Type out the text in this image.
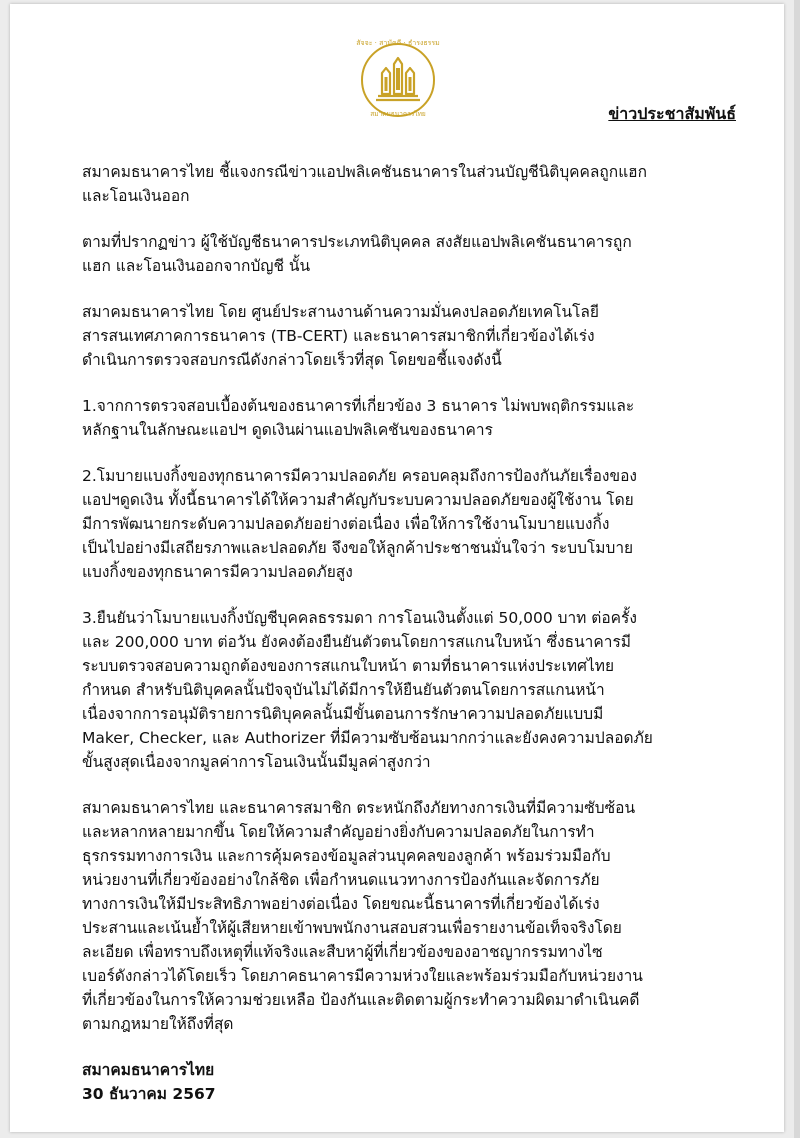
สัจจะ · สามัคคี · ธำรงธรรม
สมาคมธนาคารไทย	ข่าวประชาสัมพันธ์

สมาคมธนาคารไทย ชี้แจงกรณีข่าวแอปพลิเคชันธนาคารในส่วนบัญชีนิติบุคคลถูกแฮก
และโอนเงินออก

ตามที่ปรากฏข่าว ผู้ใช้บัญชีธนาคารประเภทนิติบุคคล สงสัยแอปพลิเคชันธนาคารถูก
แฮก และโอนเงินออกจากบัญชี นั้น

สมาคมธนาคารไทย โดย ศูนย์ประสานงานด้านความมั่นคงปลอดภัยเทคโนโลยี
สารสนเทศภาคการธนาคาร (TB-CERT) และธนาคารสมาชิกที่เกี่ยวข้องได้เร่ง
ดำเนินการตรวจสอบกรณีดังกล่าวโดยเร็วที่สุด โดยขอชี้แจงดังนี้

1.จากการตรวจสอบเบื้องต้นของธนาคารที่เกี่ยวข้อง 3 ธนาคาร ไม่พบพฤติกรรมและ
หลักฐานในลักษณะแอปฯ ดูดเงินผ่านแอปพลิเคชันของธนาคาร

2.โมบายแบงกิ้งของทุกธนาคารมีความปลอดภัย ครอบคลุมถึงการป้องกันภัยเรื่องของ
แอปฯดูดเงิน ทั้งนี้ธนาคารได้ให้ความสำคัญกับระบบความปลอดภัยของผู้ใช้งาน โดย
มีการพัฒนายกระดับความปลอดภัยอย่างต่อเนื่อง เพื่อให้การใช้งานโมบายแบงกิ้ง
เป็นไปอย่างมีเสถียรภาพและปลอดภัย จึงขอให้ลูกค้าประชาชนมั่นใจว่า ระบบโมบาย
แบงกิ้งของทุกธนาคารมีความปลอดภัยสูง

3.ยืนยันว่าโมบายแบงกิ้งบัญชีบุคคลธรรมดา การโอนเงินตั้งแต่ 50,000 บาท ต่อครั้ง
และ 200,000 บาท ต่อวัน ยังคงต้องยืนยันตัวตนโดยการสแกนใบหน้า ซึ่งธนาคารมี
ระบบตรวจสอบความถูกต้องของการสแกนใบหน้า ตามที่ธนาคารแห่งประเทศไทย
กำหนด สำหรับนิติบุคคลนั้นปัจจุบันไม่ได้มีการให้ยืนยันตัวตนโดยการสแกนหน้า
เนื่องจากการอนุมัติรายการนิติบุคคลนั้นมีขั้นตอนการรักษาความปลอดภัยแบบมี
Maker, Checker, และ Authorizer ที่มีความซับซ้อนมากกว่าและยังคงความปลอดภัย
ขั้นสูงสุดเนื่องจากมูลค่าการโอนเงินนั้นมีมูลค่าสูงกว่า

สมาคมธนาคารไทย และธนาคารสมาชิก ตระหนักถึงภัยทางการเงินที่มีความซับซ้อน
และหลากหลายมากขึ้น โดยให้ความสำคัญอย่างยิ่งกับความปลอดภัยในการทำ
ธุรกรรมทางการเงิน และการคุ้มครองข้อมูลส่วนบุคคลของลูกค้า พร้อมร่วมมือกับ
หน่วยงานที่เกี่ยวข้องอย่างใกล้ชิด เพื่อกำหนดแนวทางการป้องกันและจัดการภัย
ทางการเงินให้มีประสิทธิภาพอย่างต่อเนื่อง โดยขณะนี้ธนาคารที่เกี่ยวข้องได้เร่ง
ประสานและเน้นย้ำให้ผู้เสียหายเข้าพบพนักงานสอบสวนเพื่อรายงานข้อเท็จจริงโดย
ละเอียด เพื่อทราบถึงเหตุที่แท้จริงและสืบหาผู้ที่เกี่ยวข้องของอาชญากรรมทางไซ
เบอร์ดังกล่าวได้โดยเร็ว โดยภาคธนาคารมีความห่วงใยและพร้อมร่วมมือกับหน่วยงาน
ที่เกี่ยวข้องในการให้ความช่วยเหลือ ป้องกันและติดตามผู้กระทำความผิดมาดำเนินคดี
ตามกฎหมายให้ถึงที่สุด

สมาคมธนาคารไทย
30 ธันวาคม 2567
